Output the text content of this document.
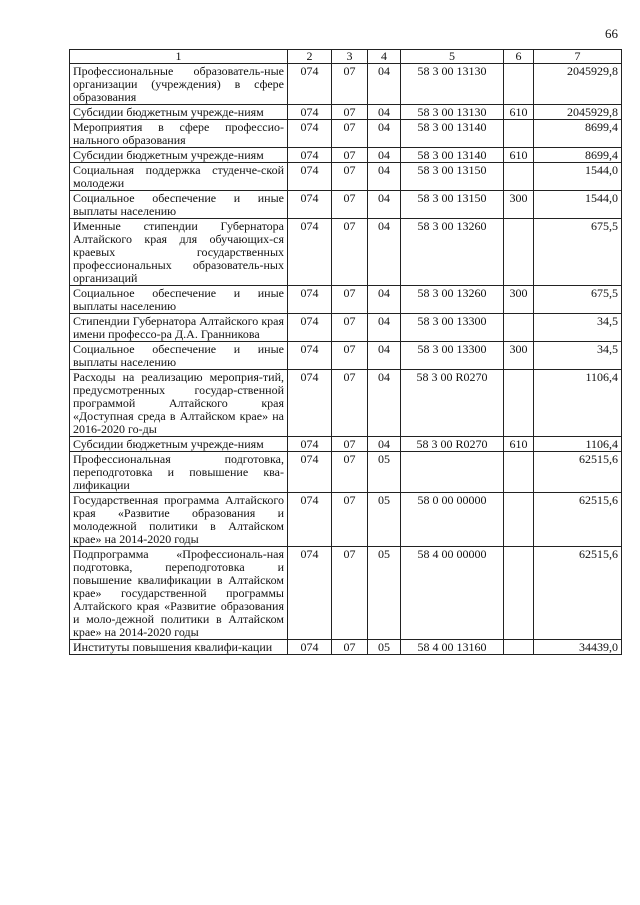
66
1	2	3	4	5	6	7
Профессиональные образователь-ные организации (учреждения) в сфере образования	074	07	04	58 3 00 13130		2045929,8
Субсидии бюджетным учрежде-ниям	074	07	04	58 3 00 13130	610	2045929,8
Мероприятия в сфере профессио-нального образования	074	07	04	58 3 00 13140		8699,4
Субсидии бюджетным учрежде-ниям	074	07	04	58 3 00 13140	610	8699,4
Социальная поддержка студенче-ской молодежи	074	07	04	58 3 00 13150		1544,0
Социальное обеспечение и иные выплаты населению	074	07	04	58 3 00 13150	300	1544,0
Именные стипендии Губернатора Алтайского края для обучающих-ся краевых государственных профессиональных образователь-ных организаций	074	07	04	58 3 00 13260		675,5
Социальное обеспечение и иные выплаты населению	074	07	04	58 3 00 13260	300	675,5
Стипендии Губернатора Алтайского края имени профессо-ра Д.А. Гранникова	074	07	04	58 3 00 13300		34,5
Социальное обеспечение и иные выплаты населению	074	07	04	58 3 00 13300	300	34,5
Расходы на реализацию мероприя-тий, предусмотренных государ-ственной программой Алтайского края «Доступная среда в Алтайском крае» на 2016-2020 го-ды	074	07	04	58 3 00 R0270		1106,4
Субсидии бюджетным учрежде-ниям	074	07	04	58 3 00 R0270	610	1106,4
Профессиональная подготовка, переподготовка и повышение ква-лификации	074	07	05			62515,6
Государственная программа Алтайского края «Развитие образования и молодежной политики в Алтайском крае» на 2014-2020 годы	074	07	05	58 0 00 00000		62515,6
Подпрограмма «Профессиональ-ная подготовка, переподготовка и повышение квалификации в Алтайском крае» государственной программы Алтайского края «Развитие образования и моло-дежной политики в Алтайском крае» на 2014-2020 годы	074	07	05	58 4 00 00000		62515,6
Институты повышения квалифи-кации	074	07	05	58 4 00 13160		34439,0
